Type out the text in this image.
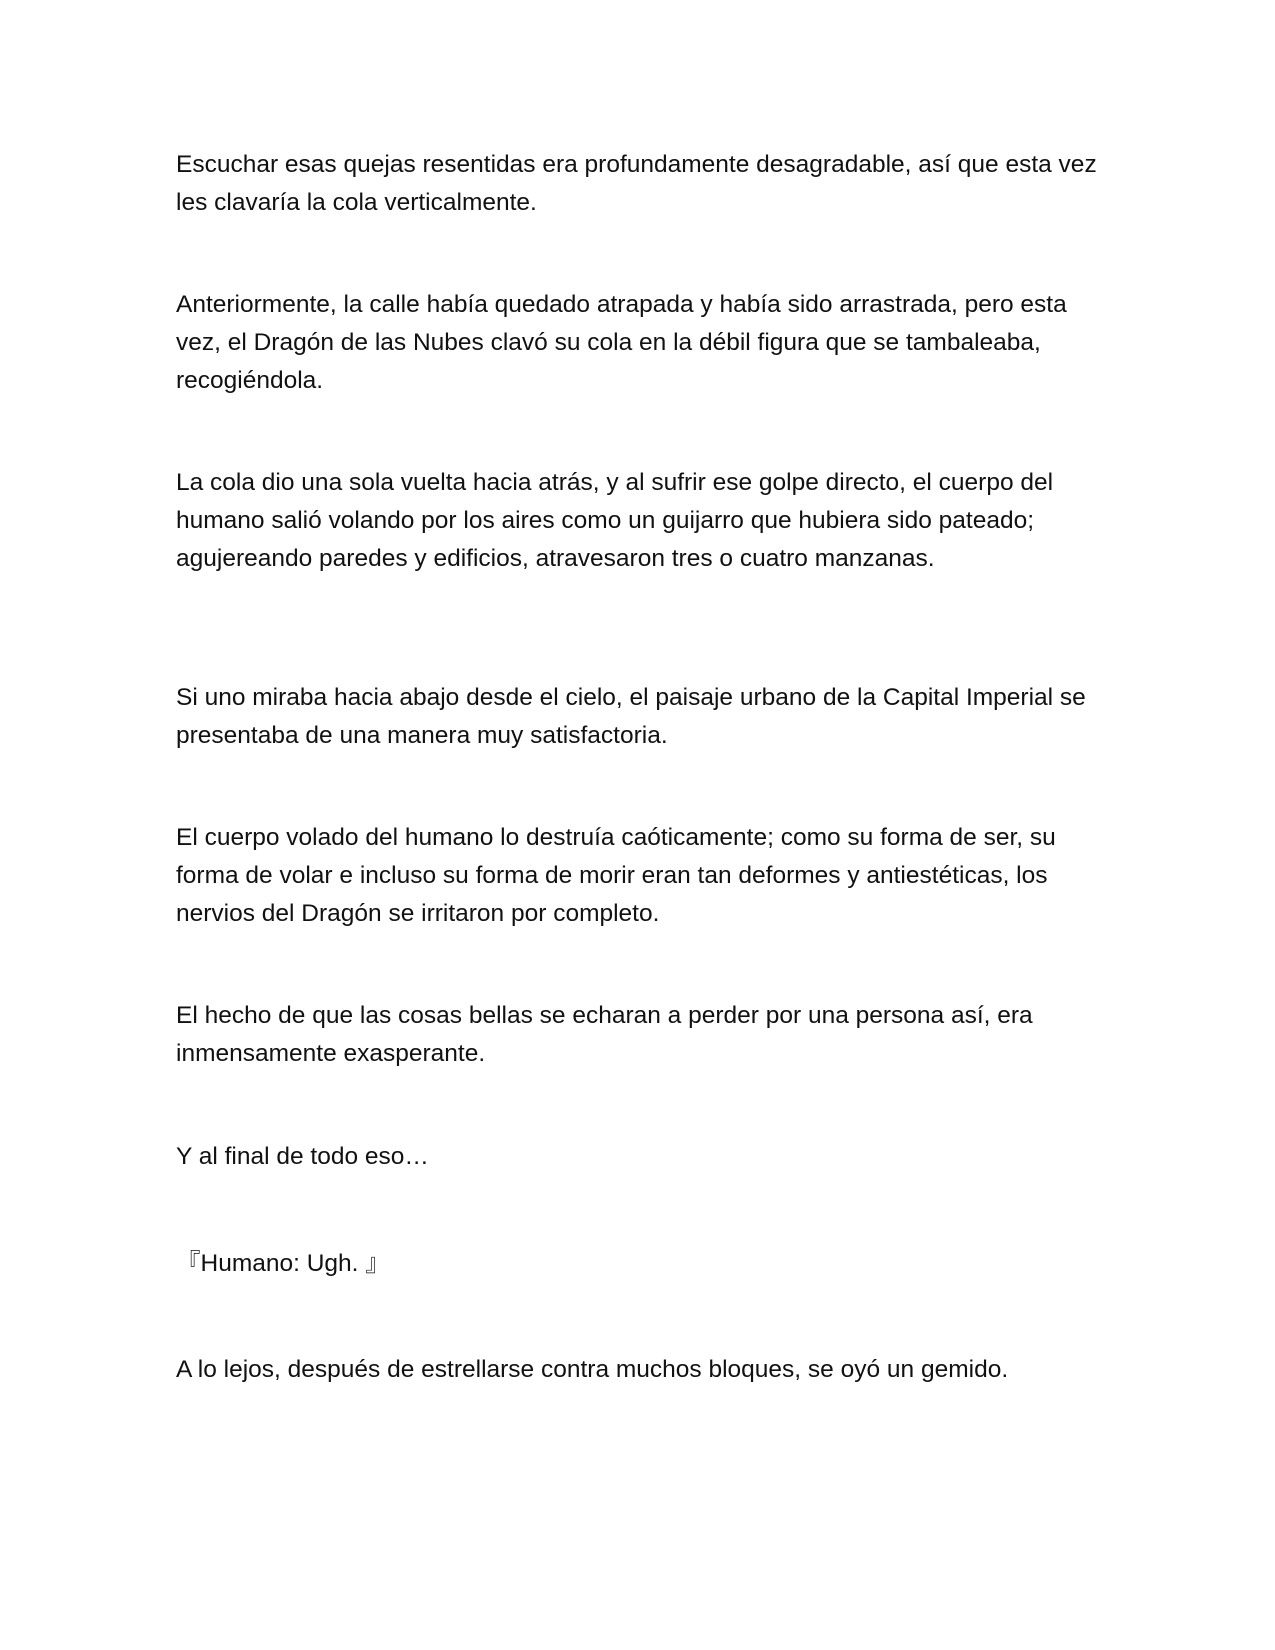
Escuchar esas quejas resentidas era profundamente desagradable, así que esta vez les clavaría la cola verticalmente.

Anteriormente, la calle había quedado atrapada y había sido arrastrada, pero esta vez, el Dragón de las Nubes clavó su cola en la débil figura que se tambaleaba, recogiéndola.

La cola dio una sola vuelta hacia atrás, y al sufrir ese golpe directo, el cuerpo del humano salió volando por los aires como un guijarro que hubiera sido pateado; agujereando paredes y edificios, atravesaron tres o cuatro manzanas.

Si uno miraba hacia abajo desde el cielo, el paisaje urbano de la Capital Imperial se presentaba de una manera muy satisfactoria.

El cuerpo volado del humano lo destruía caóticamente; como su forma de ser, su forma de volar e incluso su forma de morir eran tan deformes y antiestéticas, los nervios del Dragón se irritaron por completo.

El hecho de que las cosas bellas se echaran a perder por una persona así, era inmensamente exasperante.

Y al final de todo eso…

『Humano: Ugh. 』

A lo lejos, después de estrellarse contra muchos bloques, se oyó un gemido.
